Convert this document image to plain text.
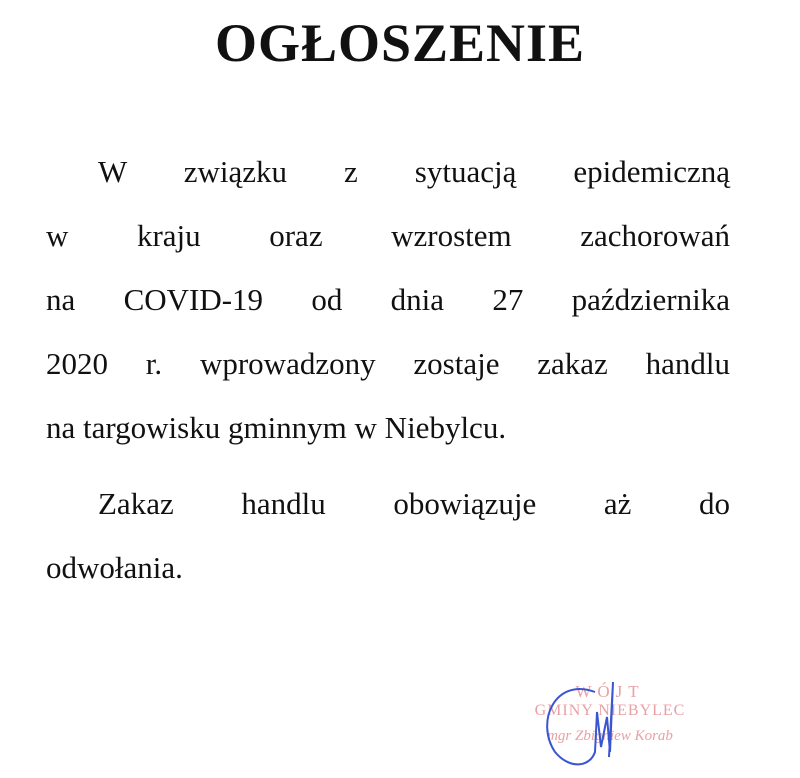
OGŁOSZENIE
W związku z sytuacją epidemiczną
w kraju oraz wzrostem zachorowań
na COVID-19 od dnia 27 października
2020 r. wprowadzony zostaje zakaz handlu
na targowisku gminnym w Niebylcu.
Zakaz handlu obowiązuje aż do
odwołania.
WÓJT
GMINY NIEBYLEC
mgr Zbigniew Korab
